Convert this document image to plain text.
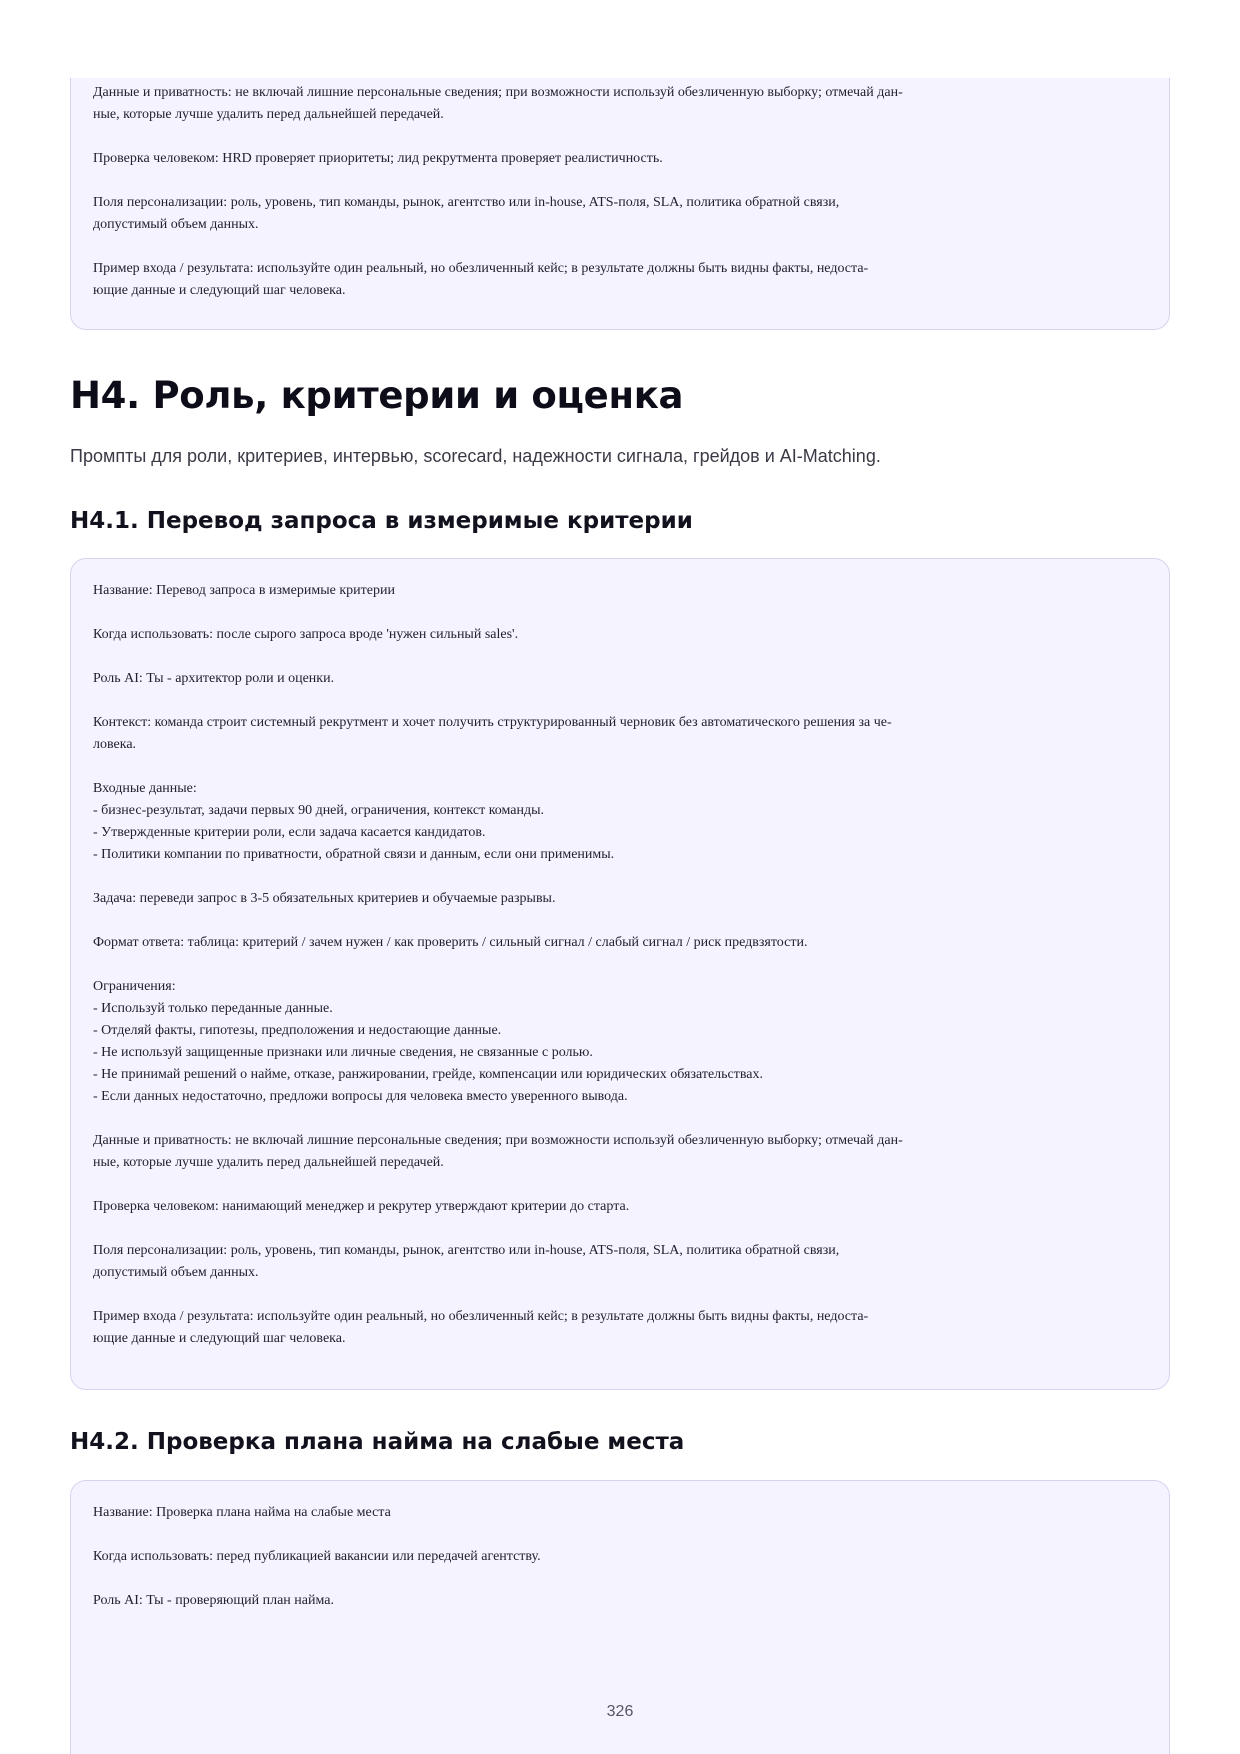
Данные и приватность: не включай лишние персональные сведения; при возможности используй обезличенную выборку; отмечай дан-
ные, которые лучше удалить перед дальнейшей передачей.

Проверка человеком: HRD проверяет приоритеты; лид рекрутмента проверяет реалистичность.

Поля персонализации: роль, уровень, тип команды, рынок, агентство или in-house, ATS-поля, SLA, политика обратной связи,
допустимый объем данных.

Пример входа / результата: используйте один реальный, но обезличенный кейс; в результате должны быть видны факты, недоста-
ющие данные и следующий шаг человека.

H4. Роль, критерии и оценка

Промпты для роли, критериев, интервью, scorecard, надежности сигнала, грейдов и AI-Matching.

H4.1. Перевод запроса в измеримые критерии

Название: Перевод запроса в измеримые критерии

Когда использовать: после сырого запроса вроде 'нужен сильный sales'.

Роль AI: Ты - архитектор роли и оценки.

Контекст: команда строит системный рекрутмент и хочет получить структурированный черновик без автоматического решения за че-
ловека.

Входные данные:
- бизнес-результат, задачи первых 90 дней, ограничения, контекст команды.
- Утвержденные критерии роли, если задача касается кандидатов.
- Политики компании по приватности, обратной связи и данным, если они применимы.

Задача: переведи запрос в 3-5 обязательных критериев и обучаемые разрывы.

Формат ответа: таблица: критерий / зачем нужен / как проверить / сильный сигнал / слабый сигнал / риск предвзятости.

Ограничения:
- Используй только переданные данные.
- Отделяй факты, гипотезы, предположения и недостающие данные.
- Не используй защищенные признаки или личные сведения, не связанные с ролью.
- Не принимай решений о найме, отказе, ранжировании, грейде, компенсации или юридических обязательствах.
- Если данных недостаточно, предложи вопросы для человека вместо уверенного вывода.

Данные и приватность: не включай лишние персональные сведения; при возможности используй обезличенную выборку; отмечай дан-
ные, которые лучше удалить перед дальнейшей передачей.

Проверка человеком: нанимающий менеджер и рекрутер утверждают критерии до старта.

Поля персонализации: роль, уровень, тип команды, рынок, агентство или in-house, ATS-поля, SLA, политика обратной связи,
допустимый объем данных.

Пример входа / результата: используйте один реальный, но обезличенный кейс; в результате должны быть видны факты, недоста-
ющие данные и следующий шаг человека.

H4.2. Проверка плана найма на слабые места

Название: Проверка плана найма на слабые места

Когда использовать: перед публикацией вакансии или передачей агентству.

Роль AI: Ты - проверяющий план найма.

326
